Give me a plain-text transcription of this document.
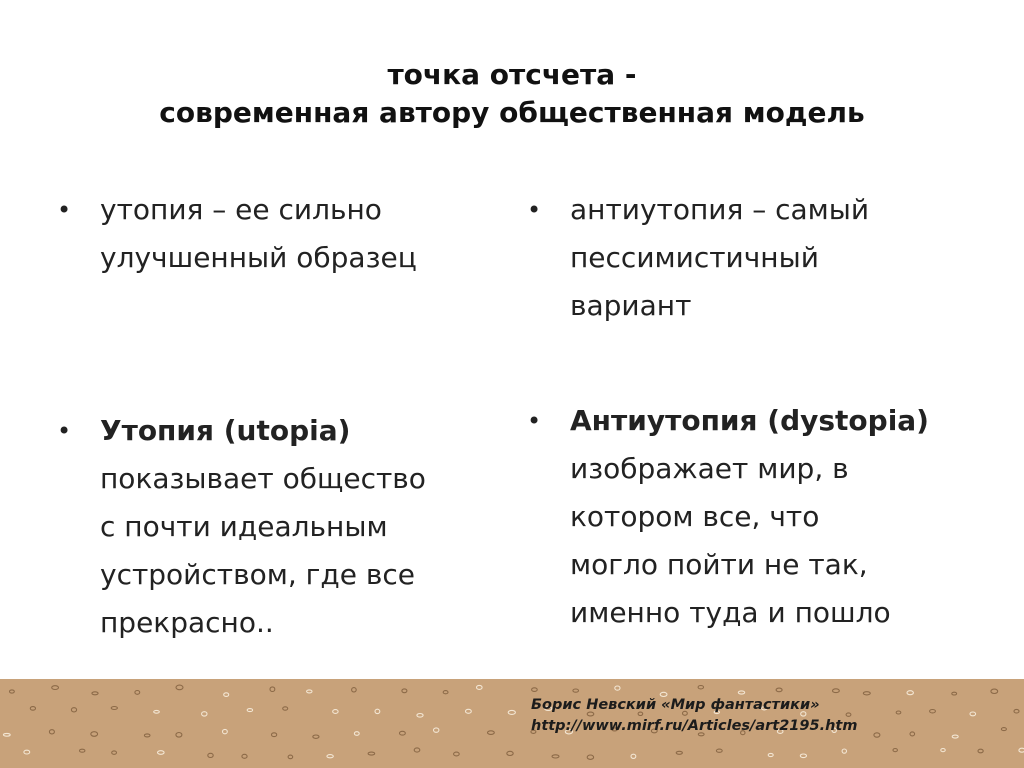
точка отсчета -
современная автору общественная модель
• утопия – ее сильно
улучшенный образец
• антиутопия – самый
пессимистичный
вариант
• Утопия (utopia)
показывает общество
с почти идеальным
устройством, где все
прекрасно..
• Антиутопия (dystopia)
изображает мир, в
котором все, что
могло пойти не так,
именно туда и пошло
Борис Невский «Мир фантастики»
http://www.mirf.ru/Articles/art2195.htm
